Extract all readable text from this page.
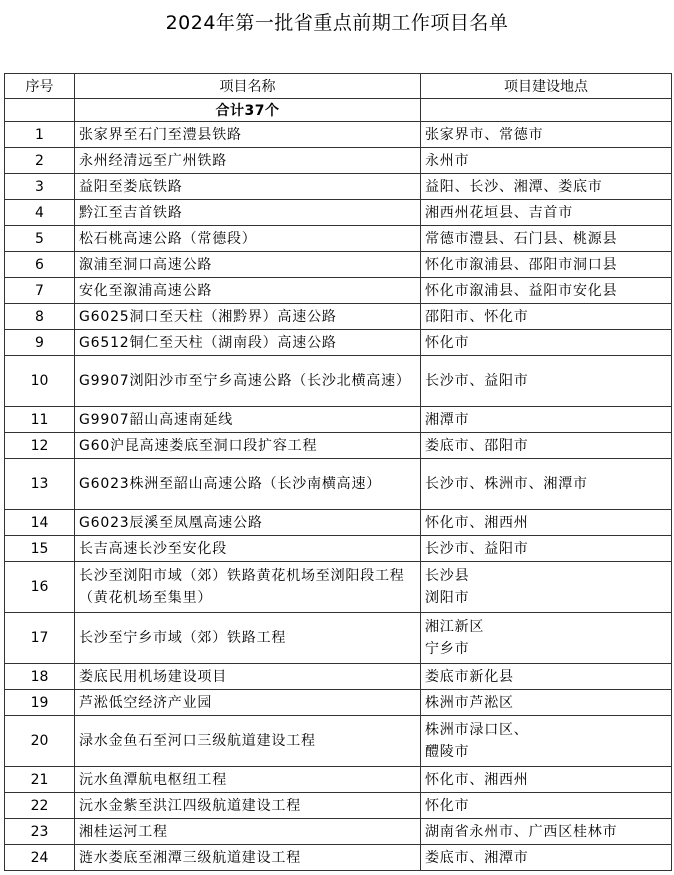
2024年第一批省重点前期工作项目名单
序号	项目名称	项目建设地点
	合计37个	
1	张家界至石门至澧县铁路	张家界市、常德市

2	永州经清远至广州铁路	永州市

3	益阳至娄底铁路	益阳、长沙、湘潭、娄底市

4	黔江至吉首铁路	湘西州花垣县、吉首市

5	松石桃高速公路（常德段）	常德市澧县、石门县、桃源县

6	溆浦至洞口高速公路	怀化市溆浦县、邵阳市洞口县

7	安化至溆浦高速公路	怀化市溆浦县、益阳市安化县

8	G6025洞口至天柱（湘黔界）高速公路	邵阳市、怀化市

9	G6512铜仁至天柱（湖南段）高速公路	怀化市

10	G9907浏阳沙市至宁乡高速公路（长沙北横高速）	长沙市、益阳市

11	G9907韶山高速南延线	湘潭市

12	G60沪昆高速娄底至洞口段扩容工程	娄底市、邵阳市

13	G6023株洲至韶山高速公路（长沙南横高速）	长沙市、株洲市、湘潭市

14	G6023辰溪至凤凰高速公路	怀化市、湘西州

15	长吉高速长沙至安化段	长沙市、益阳市

16	长沙至浏阳市域（郊）铁路黄花机场至浏阳段工程（黄花机场至集里）	长沙县
浏阳市

17	长沙至宁乡市域（郊）铁路工程	湘江新区
宁乡市

18	娄底民用机场建设项目	娄底市新化县

19	芦淞低空经济产业园	株洲市芦淞区

20	渌水金鱼石至河口三级航道建设工程	株洲市渌口区、
醴陵市

21	沅水鱼潭航电枢纽工程	怀化市、湘西州

22	沅水金紫至洪江四级航道建设工程	怀化市

23	湘桂运河工程	湖南省永州市、广西区桂林市

24	涟水娄底至湘潭三级航道建设工程	娄底市、湘潭市
